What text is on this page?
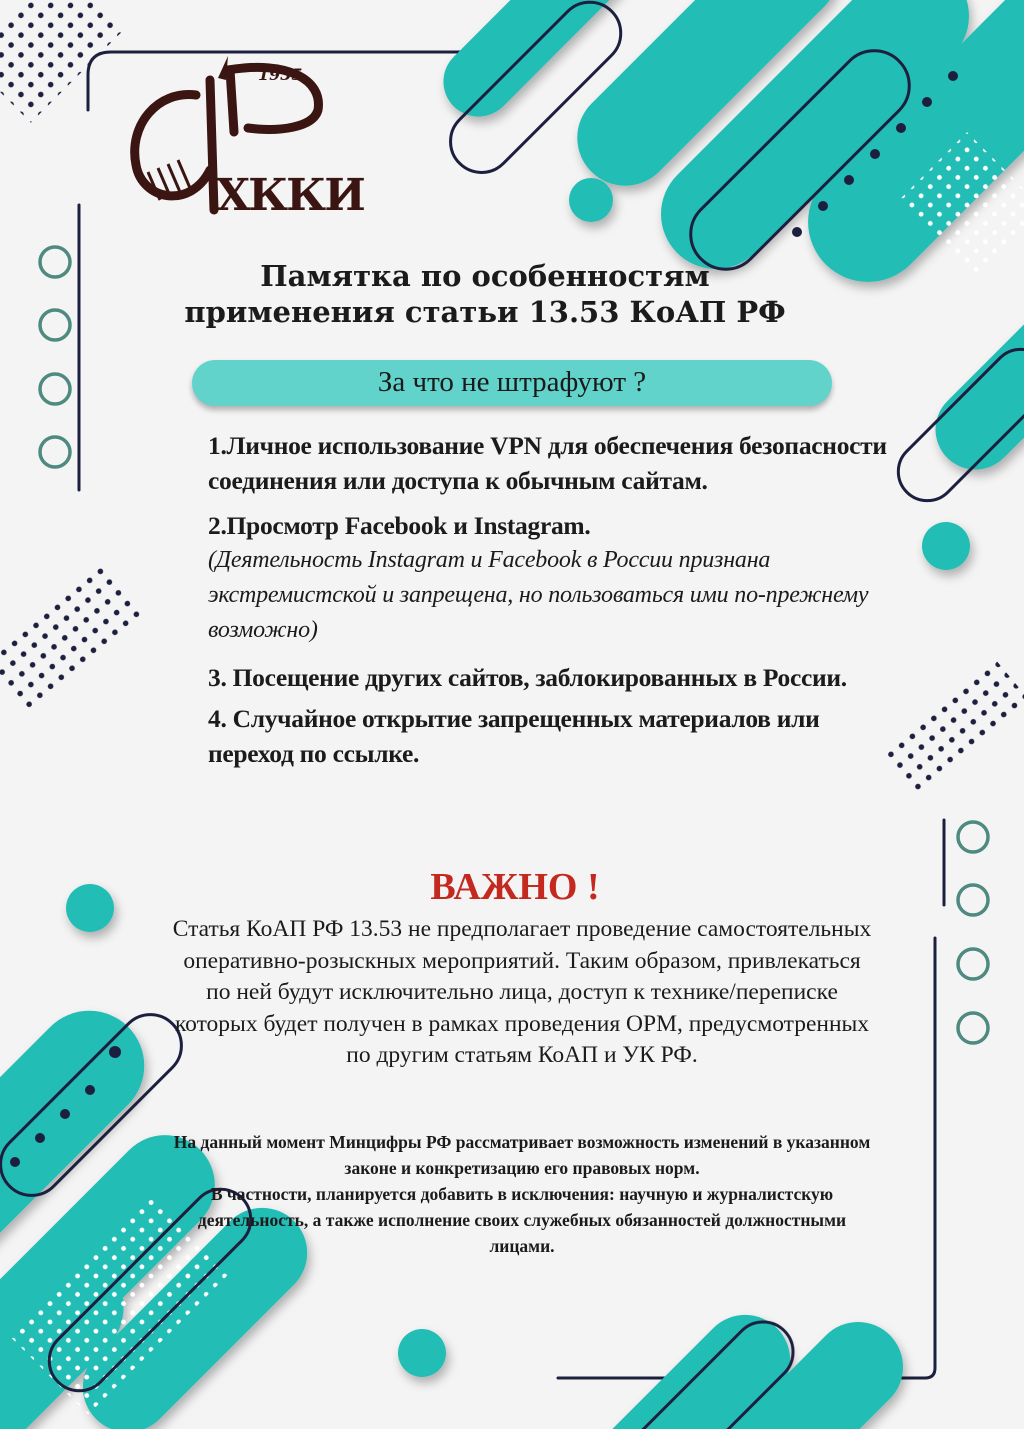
1935
ХККИ
Памятка по особенностям
применения статьи 13.53 КоАП РФ
За что не штрафуют ?

1.Личное использование VPN для обеспечения безопасности соединения или доступа к обычным сайтам.

2.Просмотр Facebook и Instagram.

(Деятельность Instagram и Facebook в России признана экстремистской и запрещена, но пользоваться ими по-прежнему возможно)

3. Посещение других сайтов, заблокированных в России.

4. Случайное открытие запрещенных материалов или переход по ссылке.

ВАЖНО !

Статья КоАП РФ 13.53 не предполагает проведение самостоятельных оперативно-розыскных мероприятий. Таким образом, привлекаться по ней будут исключительно лица, доступ к технике/переписке которых будет получен в рамках проведения ОРМ, предусмотренных по другим статьям КоАП и УК РФ.

На данный момент Минцифры РФ рассматривает возможность изменений в указанном законе и конкретизацию его правовых норм.
В частности, планируется добавить в исключения: научную и журналистскую деятельность, а также исполнение своих служебных обязанностей должностными лицами.
